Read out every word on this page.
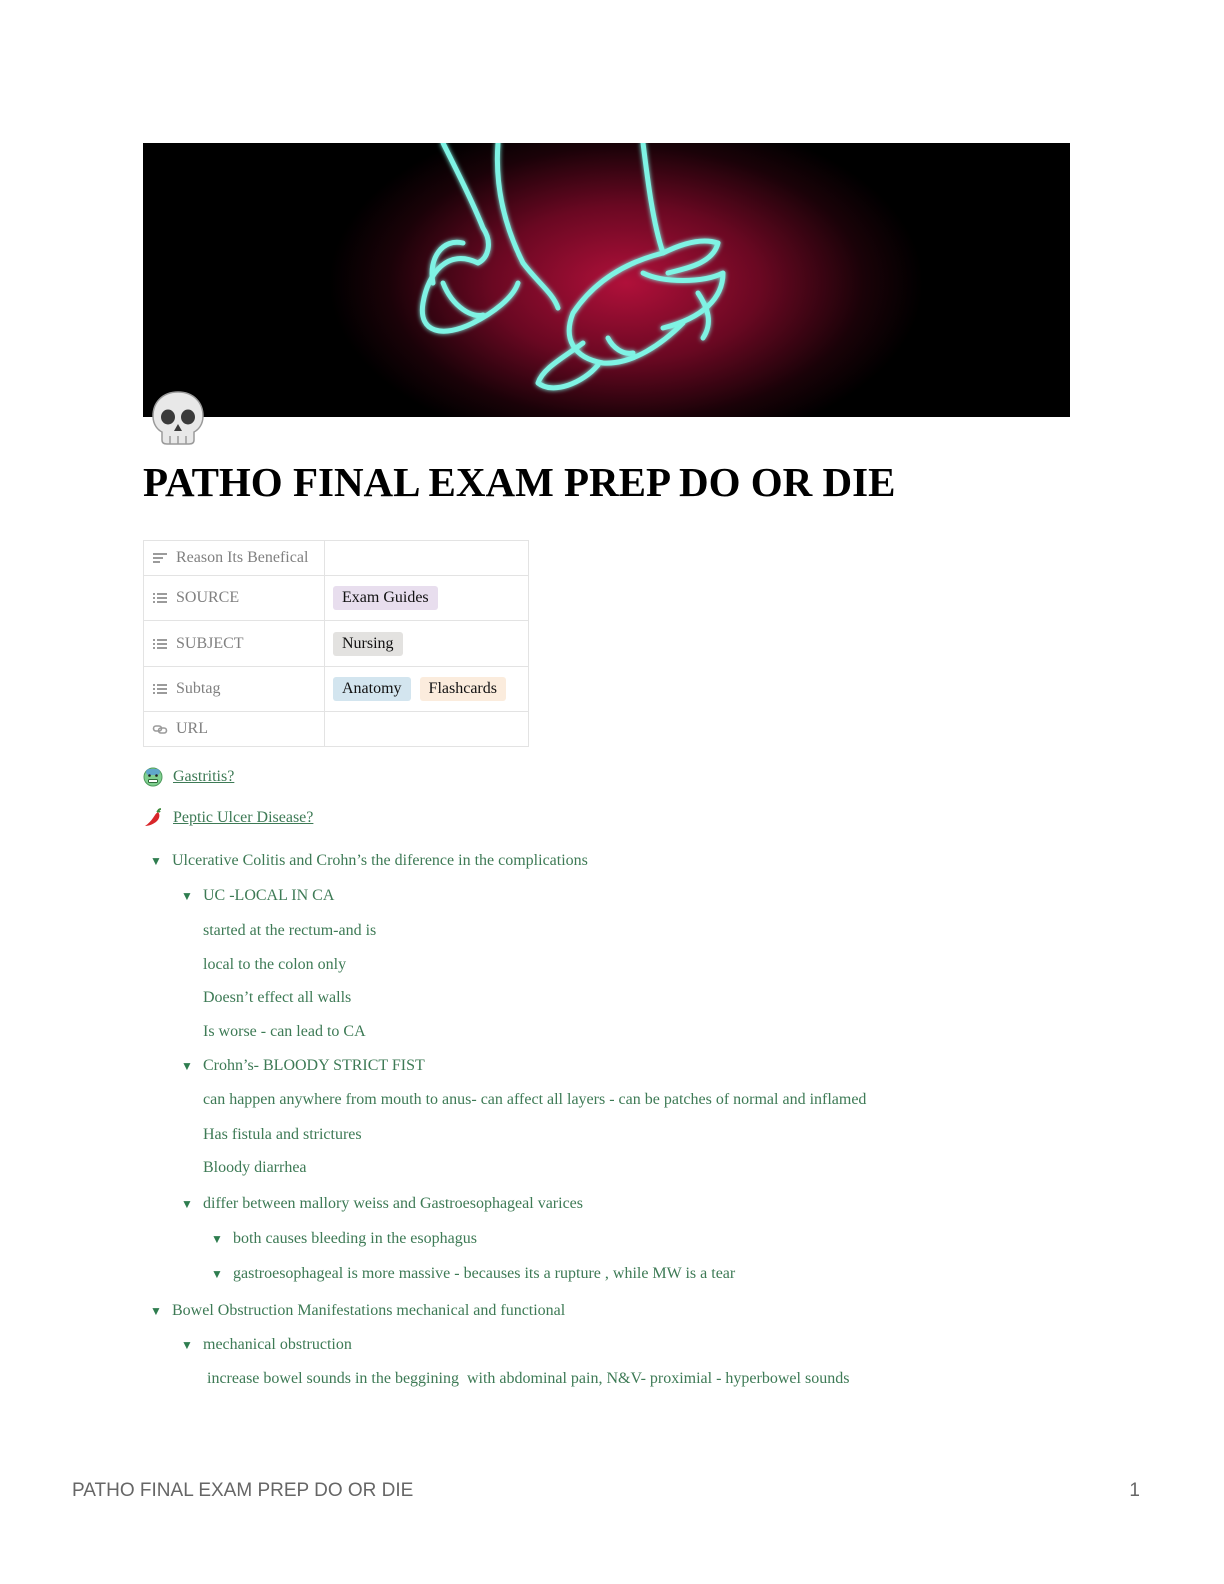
PATHO FINAL EXAM PREP DO OR DIE
Reason Its Benefical	

SOURCE	Exam Guides

SUBJECT	Nursing

Subtag	Anatomy Flashcards

URL	

Gastritis?
Peptic Ulcer Disease?
▼ Ulcerative Colitis and Crohn’s the diference in the complications
▼ UC -LOCAL IN CA
started at the rectum-and is
local to the colon only
Doesn’t effect all walls
Is worse - can lead to CA
▼ Crohn’s- BLOODY STRICT FIST
can happen anywhere from mouth to anus- can affect all layers - can be patches of normal and inflamed
Has fistula and strictures
Bloody diarrhea
▼ differ between mallory weiss and Gastroesophageal varices
▼ both causes bleeding in the esophagus
▼ gastroesophageal is more massive - becauses its a rupture , while MW is a tear
▼ Bowel Obstruction Manifestations mechanical and functional
▼ mechanical obstruction
increase bowel sounds in the beggining  with abdominal pain, N&V- proximial - hyperbowel sounds
PATHO FINAL EXAM PREP DO OR DIE	1
